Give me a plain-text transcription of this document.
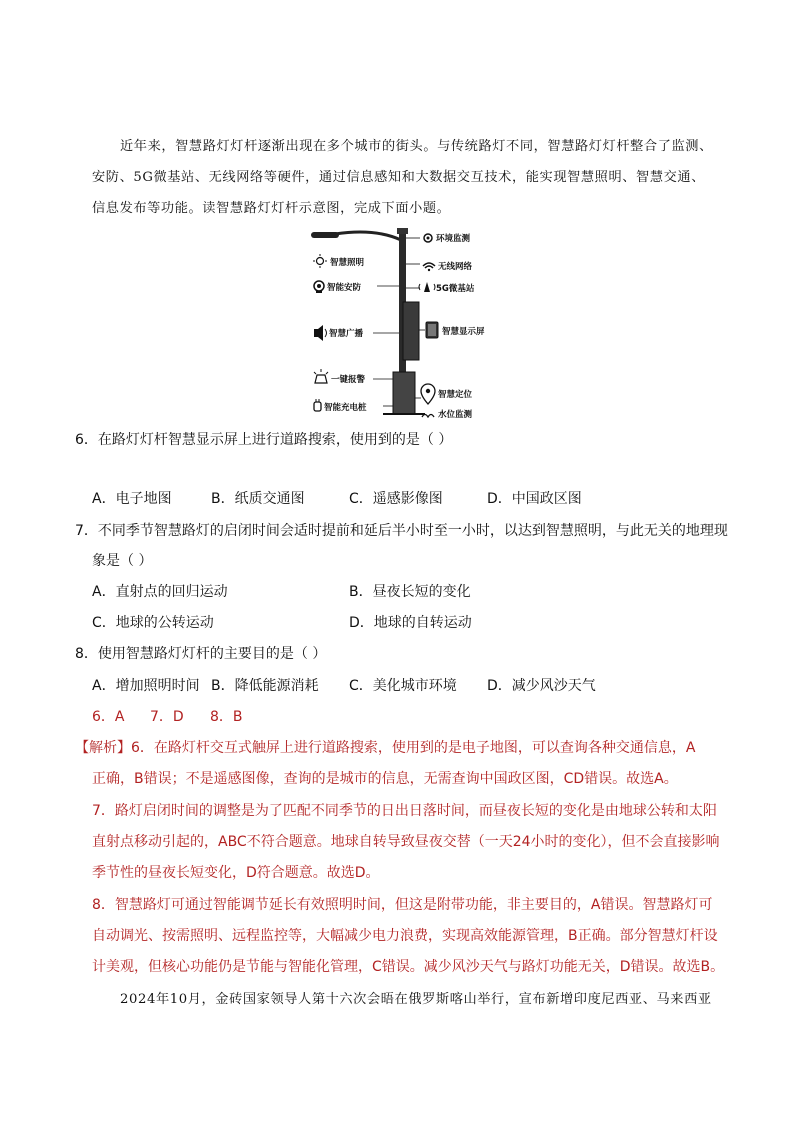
近年来，智慧路灯灯杆逐渐出现在多个城市的街头。与传统路灯不同，智慧路灯灯杆整合了监测、
安防、5G微基站、无线网络等硬件，通过信息感知和大数据交互技术，能实现智慧照明、智慧交通、
信息发布等功能。读智慧路灯灯杆示意图，完成下面小题。
环境监测
智慧照明	无线网络
智能安防	5G微基站
智慧广播	智慧显示屏
一键报警
智慧定位
智能充电桩
水位监测
6．在路灯灯杆智慧显示屏上进行道路搜索，使用到的是（ ）
A．电子地图	B．纸质交通图	C．遥感影像图	D．中国政区图
7．不同季节智慧路灯的启闭时间会适时提前和延后半小时至一小时，以达到智慧照明，与此无关的地理现
象是（ ）
A．直射点的回归运动	B．昼夜长短的变化
C．地球的公转运动	D．地球的自转运动
8．使用智慧路灯灯杆的主要目的是（ ）
A．增加照明时间 B．降低能源消耗 C．美化城市环境 D．减少风沙天气
6．A 7．D 8．B
【解析】6．在路灯杆交互式触屏上进行道路搜索，使用到的是电子地图，可以查询各种交通信息，A
正确，B错误；不是遥感图像，查询的是城市的信息，无需查询中国政区图，CD错误。故选A。
7．路灯启闭时间的调整是为了匹配不同季节的日出日落时间，而昼夜长短的变化是由地球公转和太阳
直射点移动引起的，ABC不符合题意。地球自转导致昼夜交替（一天24小时的变化），但不会直接影响
季节性的昼夜长短变化，D符合题意。故选D。
8．智慧路灯可通过智能调节延长有效照明时间，但这是附带功能，非主要目的，A错误。智慧路灯可
自动调光、按需照明、远程监控等，大幅减少电力浪费，实现高效能源管理，B正确。部分智慧灯杆设
计美观，但核心功能仍是节能与智能化管理，C错误。减少风沙天气与路灯功能无关，D错误。故选B。
2024年10月，金砖国家领导人第十六次会晤在俄罗斯喀山举行，宣布新增印度尼西亚、马来西亚
